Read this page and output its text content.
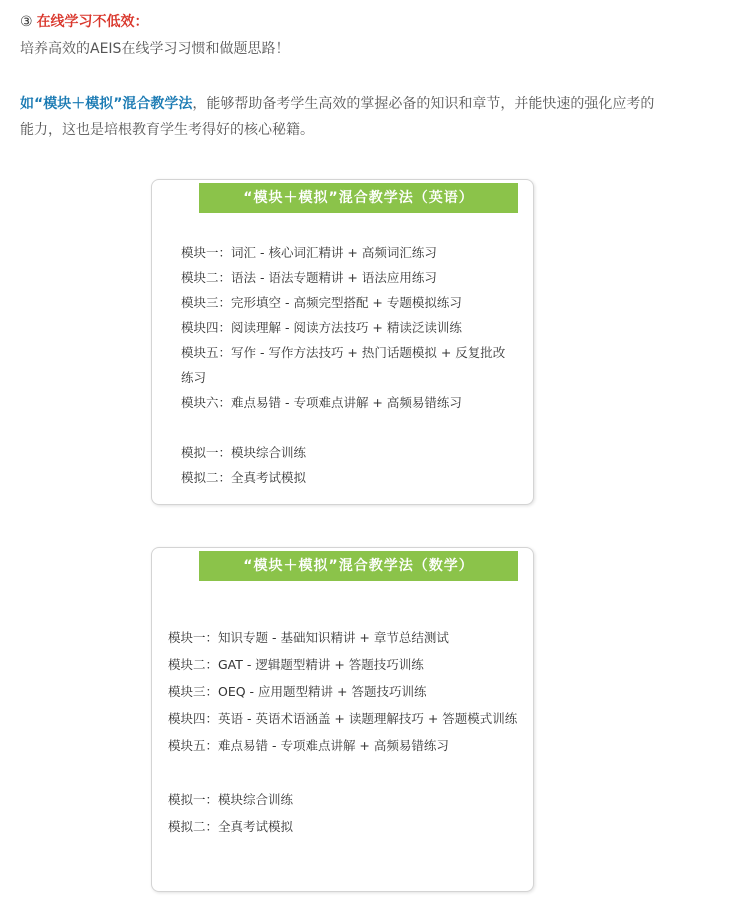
③ 在线学习不低效：
培养高效的AEIS在线学习习惯和做题思路！
如“模块＋模拟”混合教学法，能够帮助备考学生高效的掌握必备的知识和章节，并能快速的强化应考的能力，这也是培根教育学生考得好的核心秘籍。
“模块＋模拟”混合教学法（英语）
模块一：词汇 - 核心词汇精讲 + 高频词汇练习
模块二：语法 - 语法专题精讲 + 语法应用练习
模块三：完形填空 - 高频完型搭配 + 专题模拟练习
模块四：阅读理解 - 阅读方法技巧 + 精读泛读训练
模块五：写作 - 写作方法技巧 + 热门话题模拟 + 反复批改练习
模块六：难点易错 - 专项难点讲解 + 高频易错练习
模拟一：模块综合训练
模拟二：全真考试模拟
“模块＋模拟”混合教学法（数学）
模块一：知识专题 - 基础知识精讲 + 章节总结测试
模块二：GAT - 逻辑题型精讲 + 答题技巧训练
模块三：OEQ - 应用题型精讲 + 答题技巧训练
模块四：英语 - 英语术语涵盖 + 读题理解技巧 + 答题模式训练
模块五：难点易错 - 专项难点讲解 + 高频易错练习
模拟一：模块综合训练
模拟二：全真考试模拟
